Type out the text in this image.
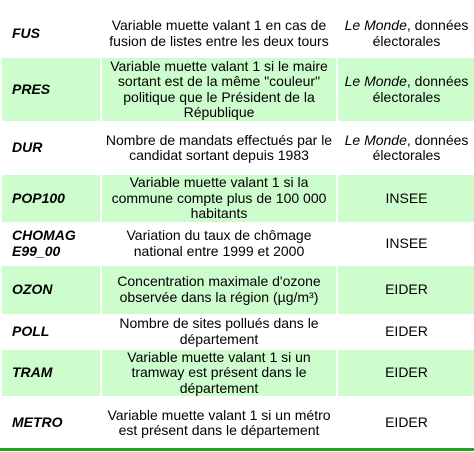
FUS	Variable muette valant 1 en cas de fusion de listes entre les deux tours	Le Monde, données électorales
PRES	Variable muette valant 1 si le maire sortant est de la même "couleur" politique que le Président de la République	Le Monde, données électorales
DUR	Nombre de mandats effectués par le candidat sortant depuis 1983	Le Monde, données électorales
POP100	Variable muette valant 1 si la commune compte plus de 100 000 habitants	INSEE
CHOMAG E99_00	Variation du taux de chômage national entre 1999 et 2000	INSEE
OZON	Concentration maximale d'ozone observée dans la région (µg/m³)	EIDER
POLL	Nombre de sites pollués dans le département	EIDER
TRAM	Variable muette valant 1 si un tramway est présent dans le département	EIDER
METRO	Variable muette valant 1 si un métro est présent dans le département	EIDER
